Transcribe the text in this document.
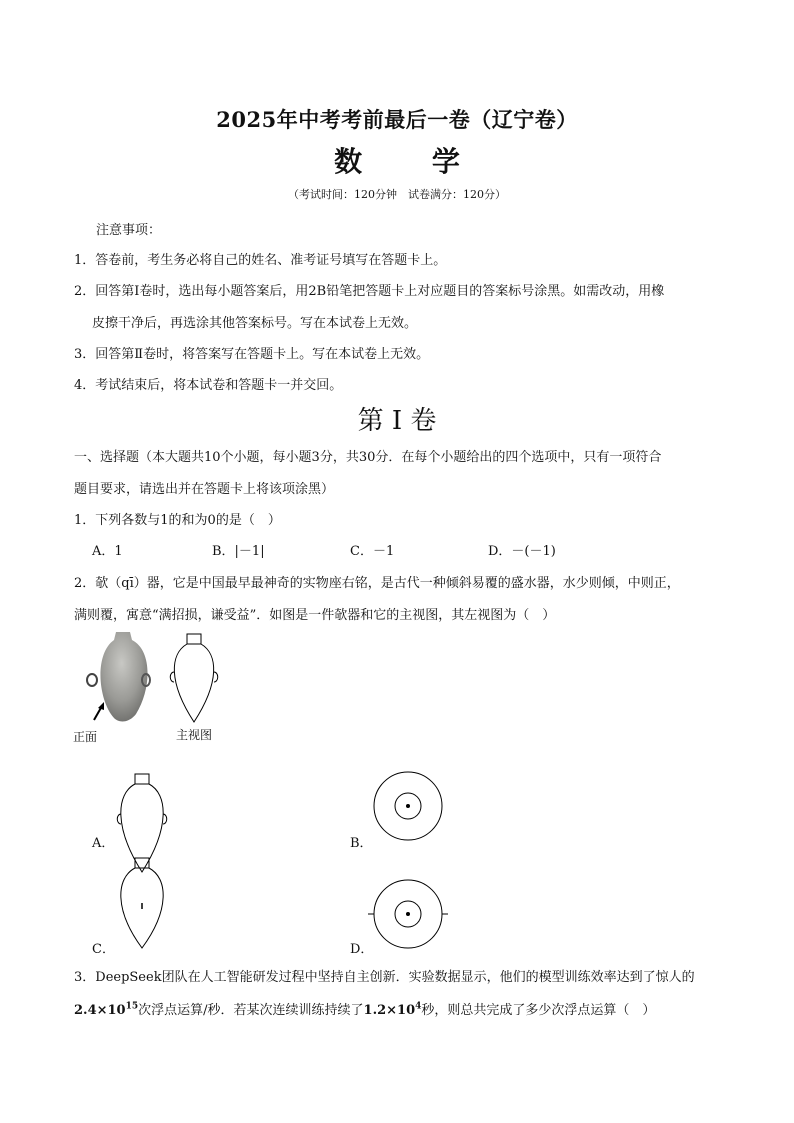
2025年中考考前最后一卷（辽宁卷）
数 学
（考试时间：120分钟　试卷满分：120分）
注意事项：
1．答卷前，考生务必将自己的姓名、准考证号填写在答题卡上。
2．回答第Ⅰ卷时，选出每小题答案后，用2B铅笔把答题卡上对应题目的答案标号涂黑。如需改动，用橡
皮擦干净后，再选涂其他答案标号。写在本试卷上无效。
3．回答第Ⅱ卷时，将答案写在答题卡上。写在本试卷上无效。
4．考试结束后，将本试卷和答题卡一并交回。
第 I 卷
一、选择题（本大题共10个小题，每小题3分，共30分．在每个小题给出的四个选项中，只有一项符合
题目要求，请选出并在答题卡上将该项涂黑）
1．下列各数与1的和为0的是（　）
A．1	B．|－1|	C．－1	D．－(－1)
2．欹（qī）器，它是中国最早最神奇的实物座右铭，是古代一种倾斜易覆的盛水器，水少则倾，中则正，
满则覆，寓意“满招损，谦受益”．如图是一件欹器和它的主视图，其左视图为（　）
正面	主视图
A．	B．
C．	D．
3．DeepSeek团队在人工智能研发过程中坚持自主创新．实验数据显示，他们的模型训练效率达到了惊人的
$2.4\times 10^{15}$次浮点运算/秒．若某次连续训练持续了$1.2\times 10^4$秒，则总共完成了多少次浮点运算（　）
